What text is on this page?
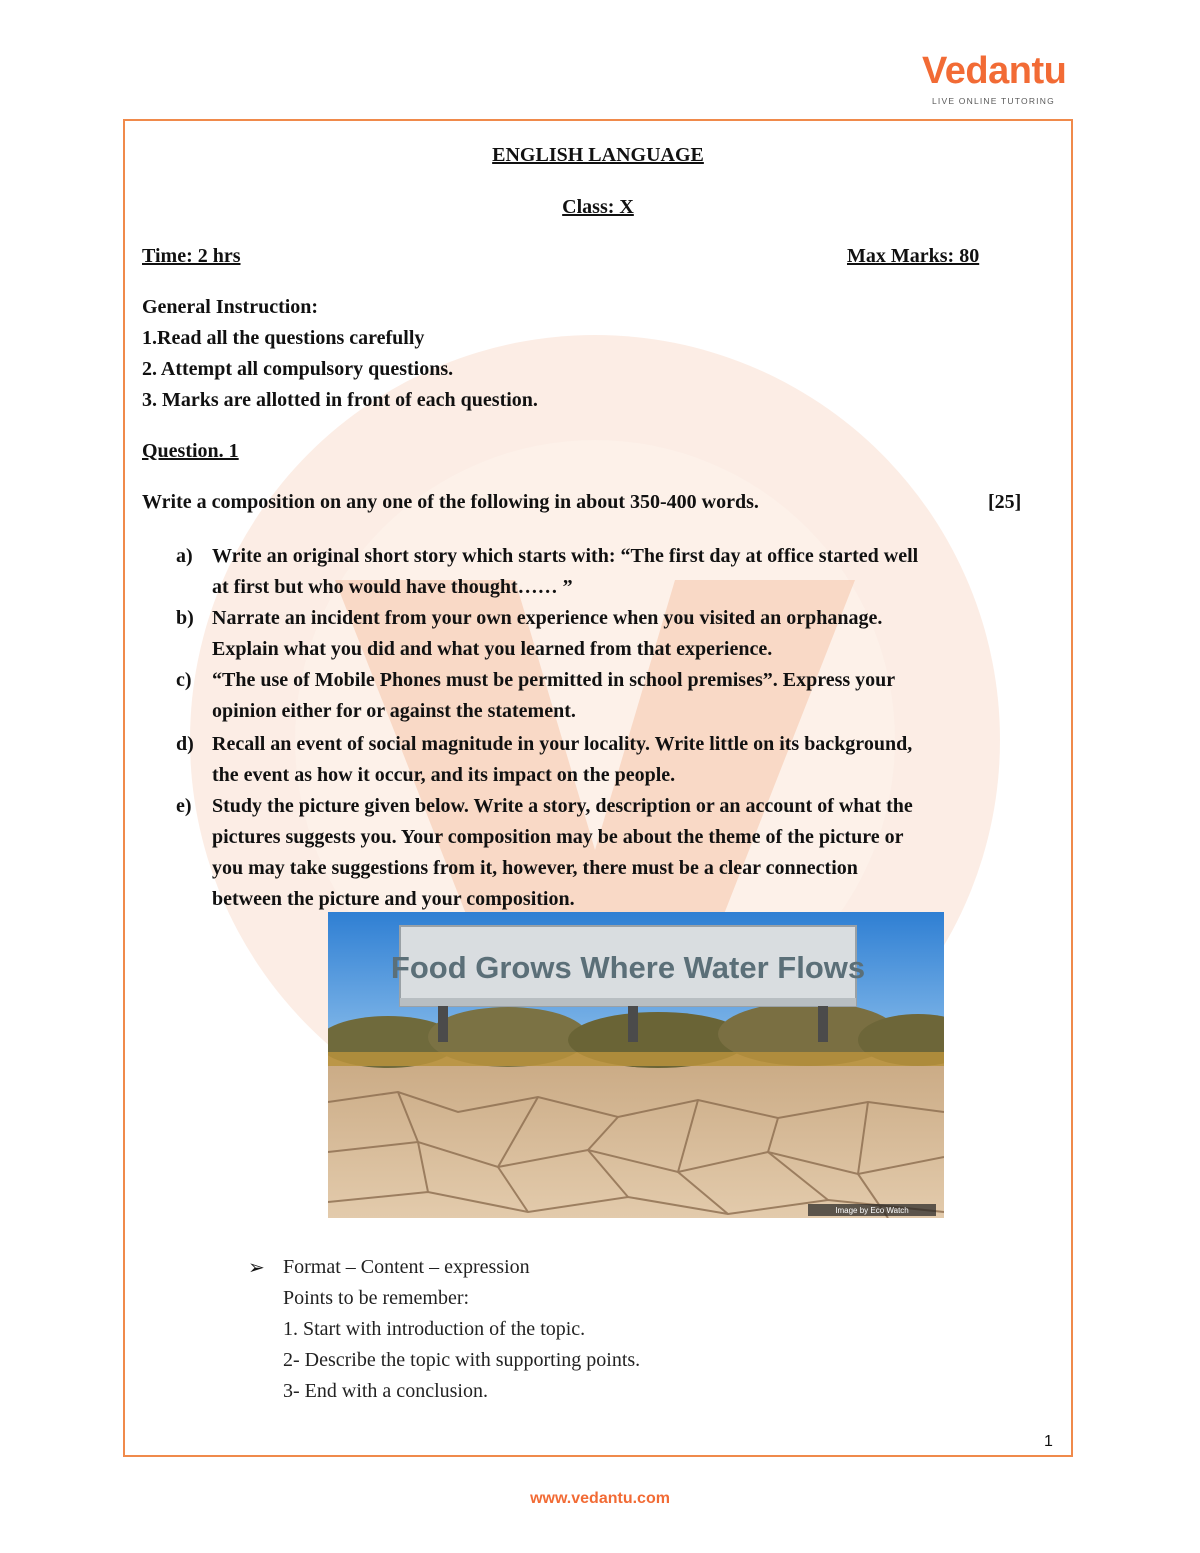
Vedantu
LIVE ONLINE TUTORING
ENGLISH LANGUAGE
Class: X
Time: 2 hrs	Max Marks: 80
General Instruction:
1.Read all the questions carefully
2. Attempt all compulsory questions.
3. Marks are allotted in front of each question.
Question. 1
Write a composition on any one of the following in about 350-400 words.	[25]
a) Write an original short story which starts with: “The first day at office started well
at first but who would have thought…… ”
b) Narrate an incident from your own experience when you visited an orphanage.
Explain what you did and what you learned from that experience.
c) “The use of Mobile Phones must be permitted in school premises”. Express your
opinion either for or against the statement.
d) Recall an event of social magnitude in your locality. Write little on its background,
the event as how it occur, and its impact on the people.
e) Study the picture given below. Write a story, description or an account of what the
pictures suggests you. Your composition may be about the theme of the picture or
you may take suggestions from it, however, there must be a clear connection
between the picture and your composition.
Food Grows Where Water Flows
Image by Eco Watch
➢ Format – Content – expression
Points to be remember:
1. Start with introduction of the topic.
2- Describe the topic with supporting points.
3- End with a conclusion.
1
www.vedantu.com
